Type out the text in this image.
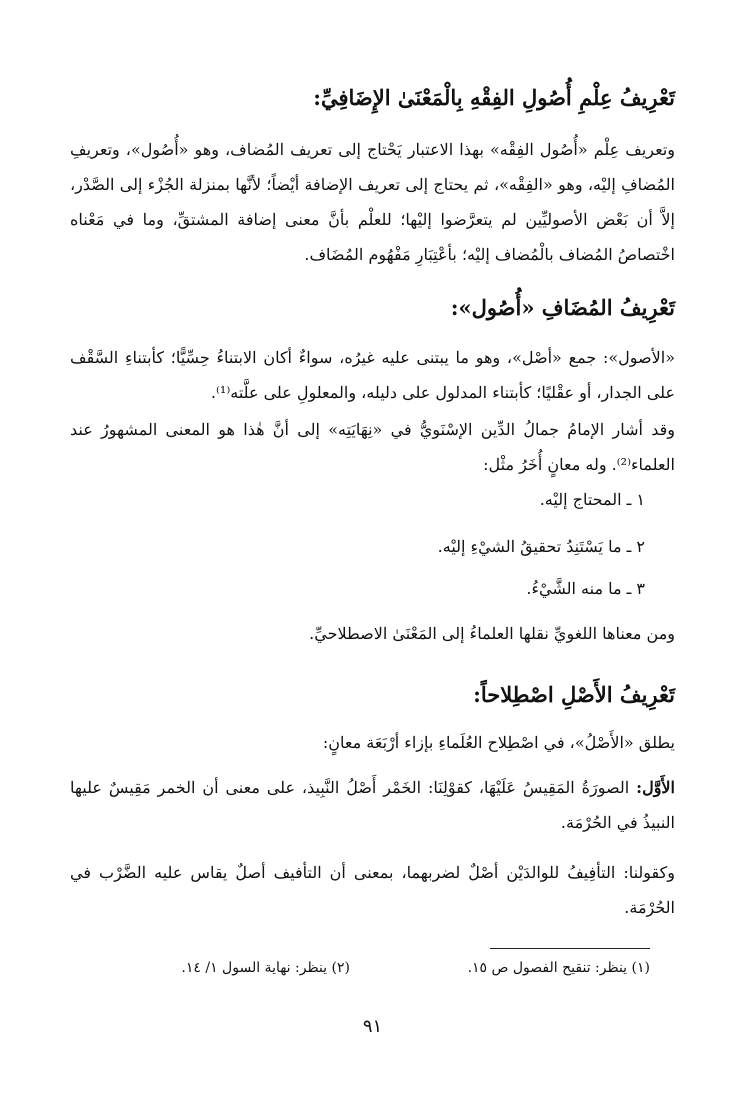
تَعْرِيفُ عِلْمِ أُصُولِ الفِقْهِ بِالْمَعْنَىٰ الإِضَافِيِّ:

وتعريف عِلْم «أُصُول الفِقْه» بهذا الاعتبار يَحْتاج إلى تعريف المُضاف، وهو «أُصُول»، وتعريفِ المُضافِ إليْه، وهو «الفِقْه»، ثم يحتاج إلى تعريف الإضافة أيْضاً؛ لأنَّها بمنزلة الجُزْء إلى الصَّدْر، إلاَّ أن بَعْض الأصوليِّين لم يتعرَّضوا إليْها؛ للعلْم بأنَّ معنى إضافة المشتقِّ، وما في مَعْناه اخْتصاصُ المُضاف بالْمُضاف إليْه؛ بأعْتِبَارِ مَفْهُوم المُضَاف.

تَعْرِيفُ المُضَافِ «أُصُول»:

«الأصول»: جمع «أصْل»، وهو ما يبتنى عليه غيرُه، سواءٌ أكان الابتناءُ حِسِّيًّا؛ كأبتناءِ السَّقْف على الجدار، أو عقْليًا؛ كأبتناء المدلول على دليله، والمعلولِ على علَّته⁽¹⁾.

وقد أشار الإمامُ جمالُ الدِّين الإسْنَويُّ في «نِهَايَتِه» إلى أنَّ هٰذا هو المعنى المشهورُ عند العلماء⁽²⁾. وله معانٍ أُخَرُ مثْل:

١ ـ المحتاج إليْه.
٢ ـ ما يَسْتَنِدُ تحقيقُ الشيْءِ إليْه.
٣ ـ ما منه الشَّيْءُ.
ومن معناها اللغويِّ نقلها العلماءُ إلى المَعْنَىٰ الاصطلاحيِّ.
تَعْرِيفُ الأَصْلِ اصْطِلاحاً:
يطلق «الأَصْلُ»، في اصْطِلاح العُلَماءِ بإزاء أرْبَعَة معانٍ:

الأَوَّل: الصورَةُ المَقِيسُ عَلَيْهَا، كقوْلِنَا: الخَمْر أَصْلُ النَّبِيذ، على معنى أن الخمر مَقِيسٌ عليها النبيذُ في الحُرْمَة.

وكقولنا: التأفِيفُ للوالدَيْن أصْلٌ لضربهما، بمعنى أن التأفيف أصلٌ يقاس عليه الضَّرْب في الحُرْمَة.

(١) ينظر: تنقيح الفصول ص ١٥.
(٢) ينظر: نهاية السول ١/ ١٤.
٩١
